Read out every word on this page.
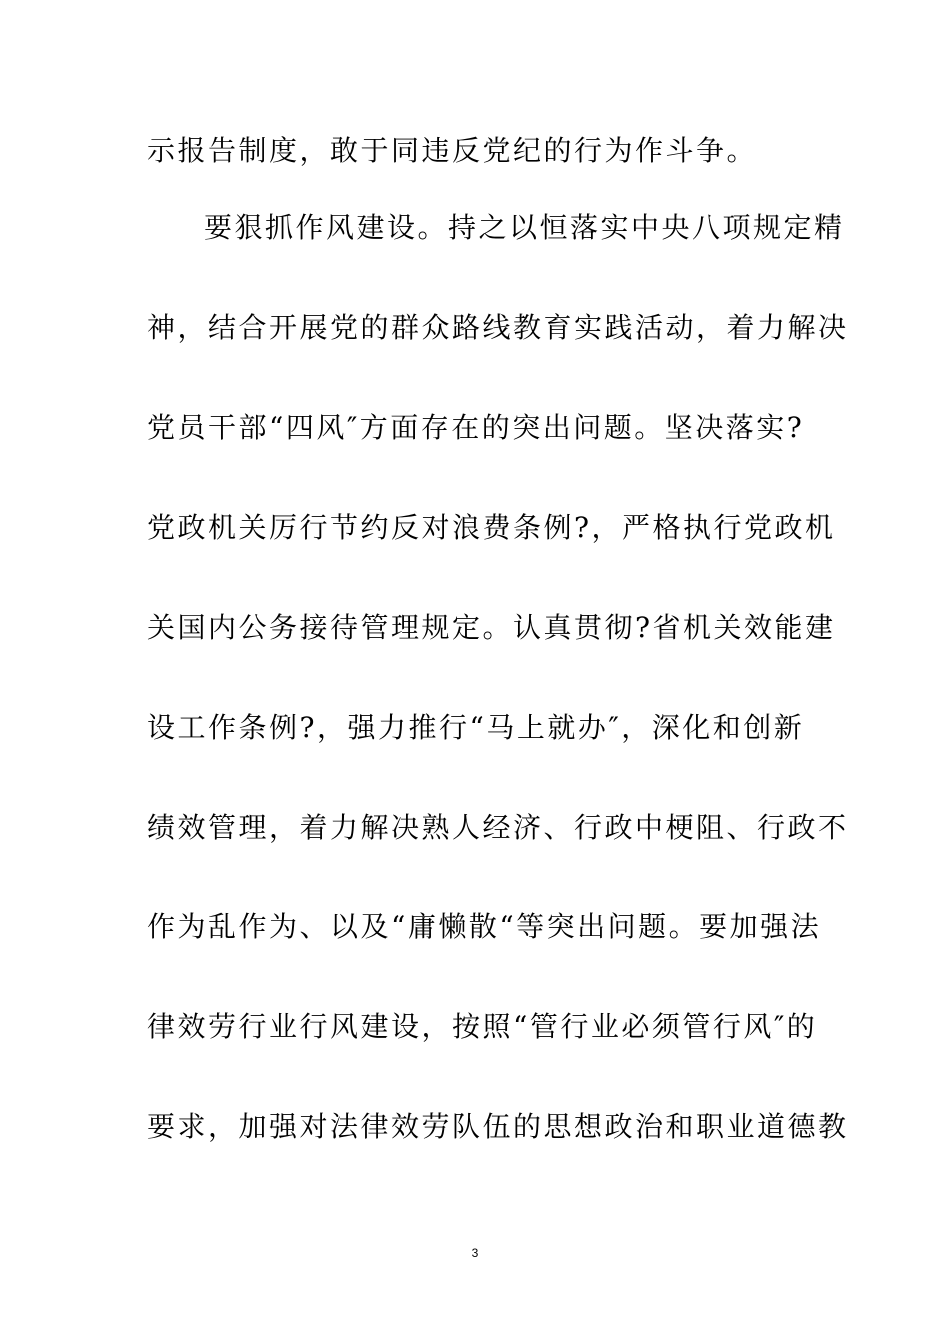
示报告制度，敢于同违反党纪的行为作斗争。
要狠抓作风建设。持之以恒落实中央八项规定精
神，结合开展党的群众路线教育实践活动，着力解决
党员干部“四风″方面存在的突出问题。坚决落实?
党政机关厉行节约反对浪费条例?，严格执行党政机
关国内公务接待管理规定。认真贯彻?省机关效能建
设工作条例?，强力推行“马上就办″，深化和创新
绩效管理，着力解决熟人经济、行政中梗阻、行政不
作为乱作为、以及“庸懒散“等突出问题。要加强法
律效劳行业行风建设，按照“管行业必须管行风″的
要求，加强对法律效劳队伍的思想政治和职业道德教
3
